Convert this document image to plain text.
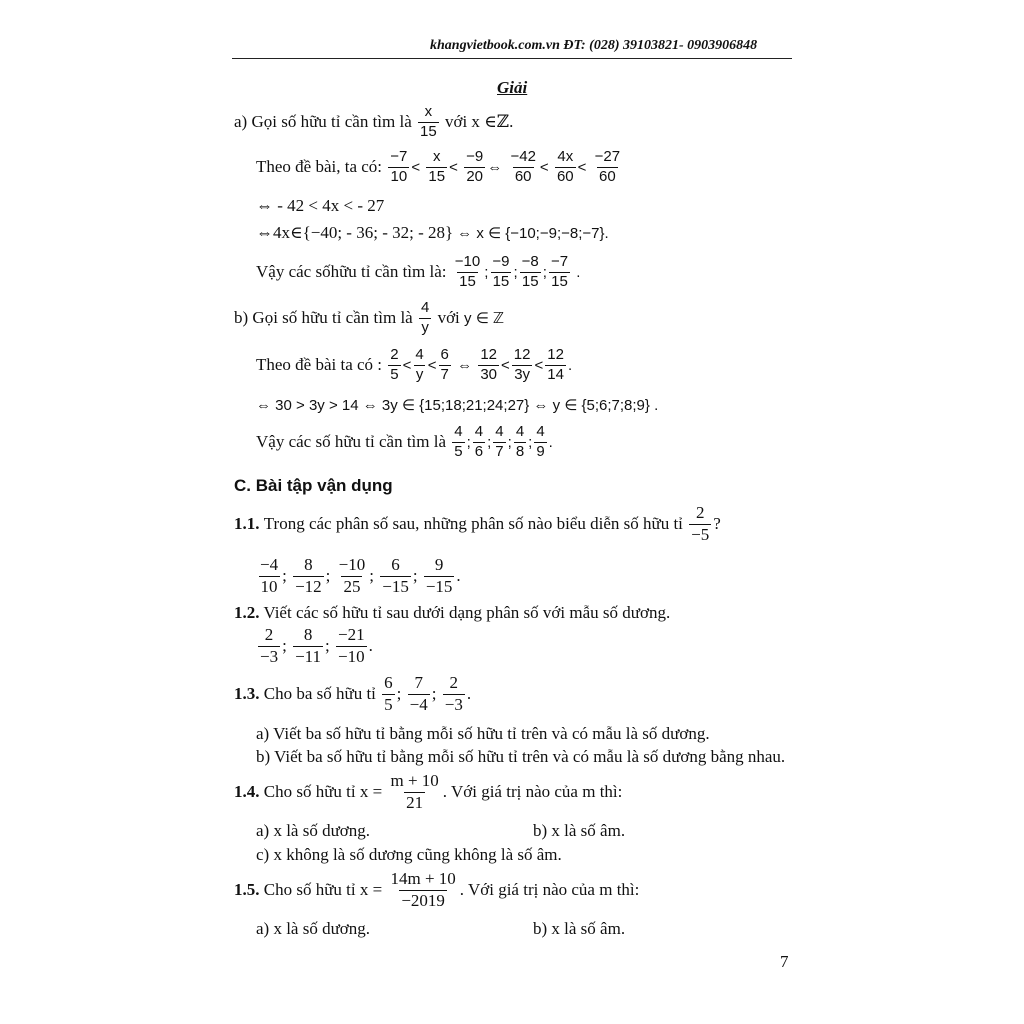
khangvietbook.com.vn ĐT: (028) 39103821- 0903906848
Giải
a) Gọi số hữu tỉ cần tìm là $\frac{x}{15}$ với x ∈ℤ.
Theo đề bài, ta có: $\frac{-7}{10} < \frac{x}{15} < \frac{-9}{20}$ ⇔ $\frac{-42}{60} < \frac{4x}{60} < \frac{-27}{60}$
⇔ - 42 < 4x < - 27
⇔4x∈{−40; - 36; - 32; - 28} ⇔ x ∈ {−10;−9;−8;−7}.
Vậy các sốhữu tỉ cần tìm là: $\frac{-10}{15}$ ; $\frac{-9}{15}$ ; $\frac{-8}{15}$ ; $\frac{-7}{15}$ .
b) Gọi số hữu tỉ cần tìm là $\frac{4}{y}$ với y ∈ ℤ
Theo đề bài ta có : $\frac{2}{5} < \frac{4}{y} < \frac{6}{7}$ ⇔ $\frac{12}{30} < \frac{12}{3y} < \frac{12}{14}$ .
⇔ 30 > 3y > 14 ⇔ 3y ∈ {15;18;21;24;27} ⇔ y ∈ {5;6;7;8;9} .
Vậy các số hữu tỉ cần tìm là $\frac{4}{5}$ ; $\frac{4}{6}$ ; $\frac{4}{7}$ ; $\frac{4}{8}$ ; $\frac{4}{9}$ .
C. Bài tập vận dụng
1.1. Trong các phân số sau, những phân số nào biểu diễn số hữu tỉ $\frac{2}{-5}$ ?
$\frac{-4}{10}$ ; $\frac{8}{-12}$ ; $\frac{-10}{25}$ ; $\frac{6}{-15}$ ; $\frac{9}{-15}$ .
1.2. Viết các số hữu tỉ sau dưới dạng phân số với mẫu số dương.
$\frac{2}{-3}$ ; $\frac{8}{-11}$ ; $\frac{-21}{-10}$ .
1.3. Cho ba số hữu tỉ $\frac{6}{5}$ ; $\frac{7}{-4}$ ; $\frac{2}{-3}$ .
a) Viết ba số hữu tỉ bằng mỗi số hữu tỉ trên và có mẫu là số dương.
b) Viết ba số hữu tỉ bằng mỗi số hữu tỉ trên và có mẫu là số dương bằng nhau.
1.4. Cho số hữu tỉ $x = \frac{m + 10}{21}$ . Với giá trị nào của m thì:
a) x là số dương.	b) x là số âm.
c) x không là số dương cũng không là số âm.
1.5. Cho số hữu tỉ $x = \frac{14m + 10}{-2019}$ . Với giá trị nào của m thì:
a) x là số dương.	b) x là số âm.
7
